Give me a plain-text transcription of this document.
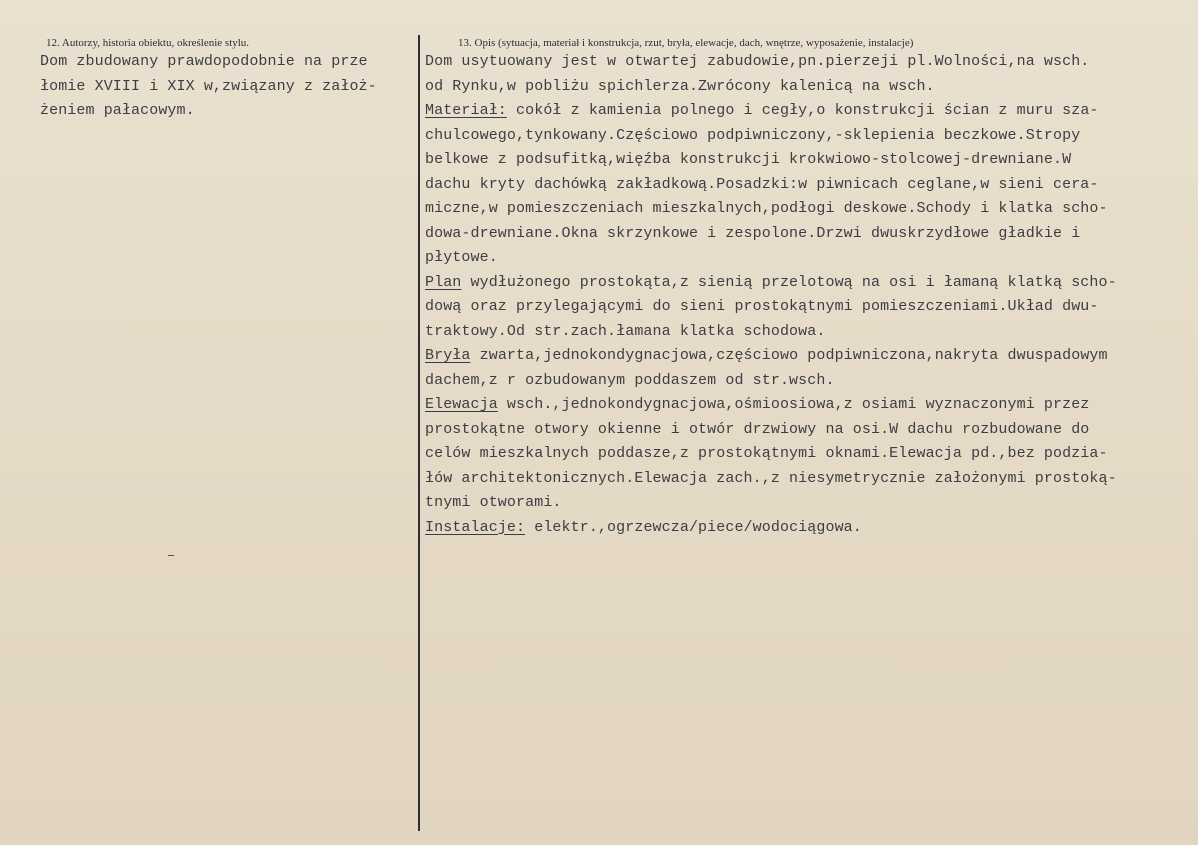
12. Autorzy, historia obiektu, określenie stylu.	13. Opis (sytuacja, materiał i konstrukcja, rzut, bryła, elewacje, dach, wnętrze, wyposażenie, instalacje)
Dom zbudowany prawdopodobnie na prze
łomie XVIII i XIX w,związany z założ-
żeniem pałacowym.
Dom usytuowany jest w otwartej zabudowie,pn.pierzeji pl.Wolności,na wsch.
od Rynku,w pobliżu spichlerza.Zwrócony kalenicą na wsch.
Materiał: cokół z kamienia polnego i cegły,o konstrukcji ścian z muru sza-
chulcowego,tynkowany.Częściowo podpiwniczony,-sklepienia beczkowe.Stropy
belkowe z podsufitką,więźba konstrukcji krokwiowo-stolcowej-drewniane.W
dachu kryty dachówką zakładkową.Posadzki:w piwnicach ceglane,w sieni cera-
miczne,w pomieszczeniach mieszkalnych,podłogi deskowe.Schody i klatka scho-
dowa-drewniane.Okna skrzynkowe i zespolone.Drzwi dwuskrzydłowe gładkie i
płytowe.
Plan wydłużonego prostokąta,z sienią przelotową na osi i łamaną klatką scho-
dową oraz przylegającymi do sieni prostokątnymi pomieszczeniami.Układ dwu-
traktowy.Od str.zach.łamana klatka schodowa.
Bryła zwarta,jednokondygnacjowa,częściowo podpiwniczona,nakryta dwuspadowym
dachem,z r ozbudowanym poddaszem od str.wsch.
Elewacja wsch.,jednokondygnacjowa,ośmioosiowa,z osiami wyznaczonymi przez
prostokątne otwory okienne i otwór drzwiowy na osi.W dachu rozbudowane do
celów mieszkalnych poddasze,z prostokątnymi oknami.Elewacja pd.,bez podzia-
łów architektonicznych.Elewacja zach.,z niesymetrycznie założonymi prostoką-
tnymi otworami.
Instalacje: elektr.,ogrzewcza/piece/wodociągowa.
